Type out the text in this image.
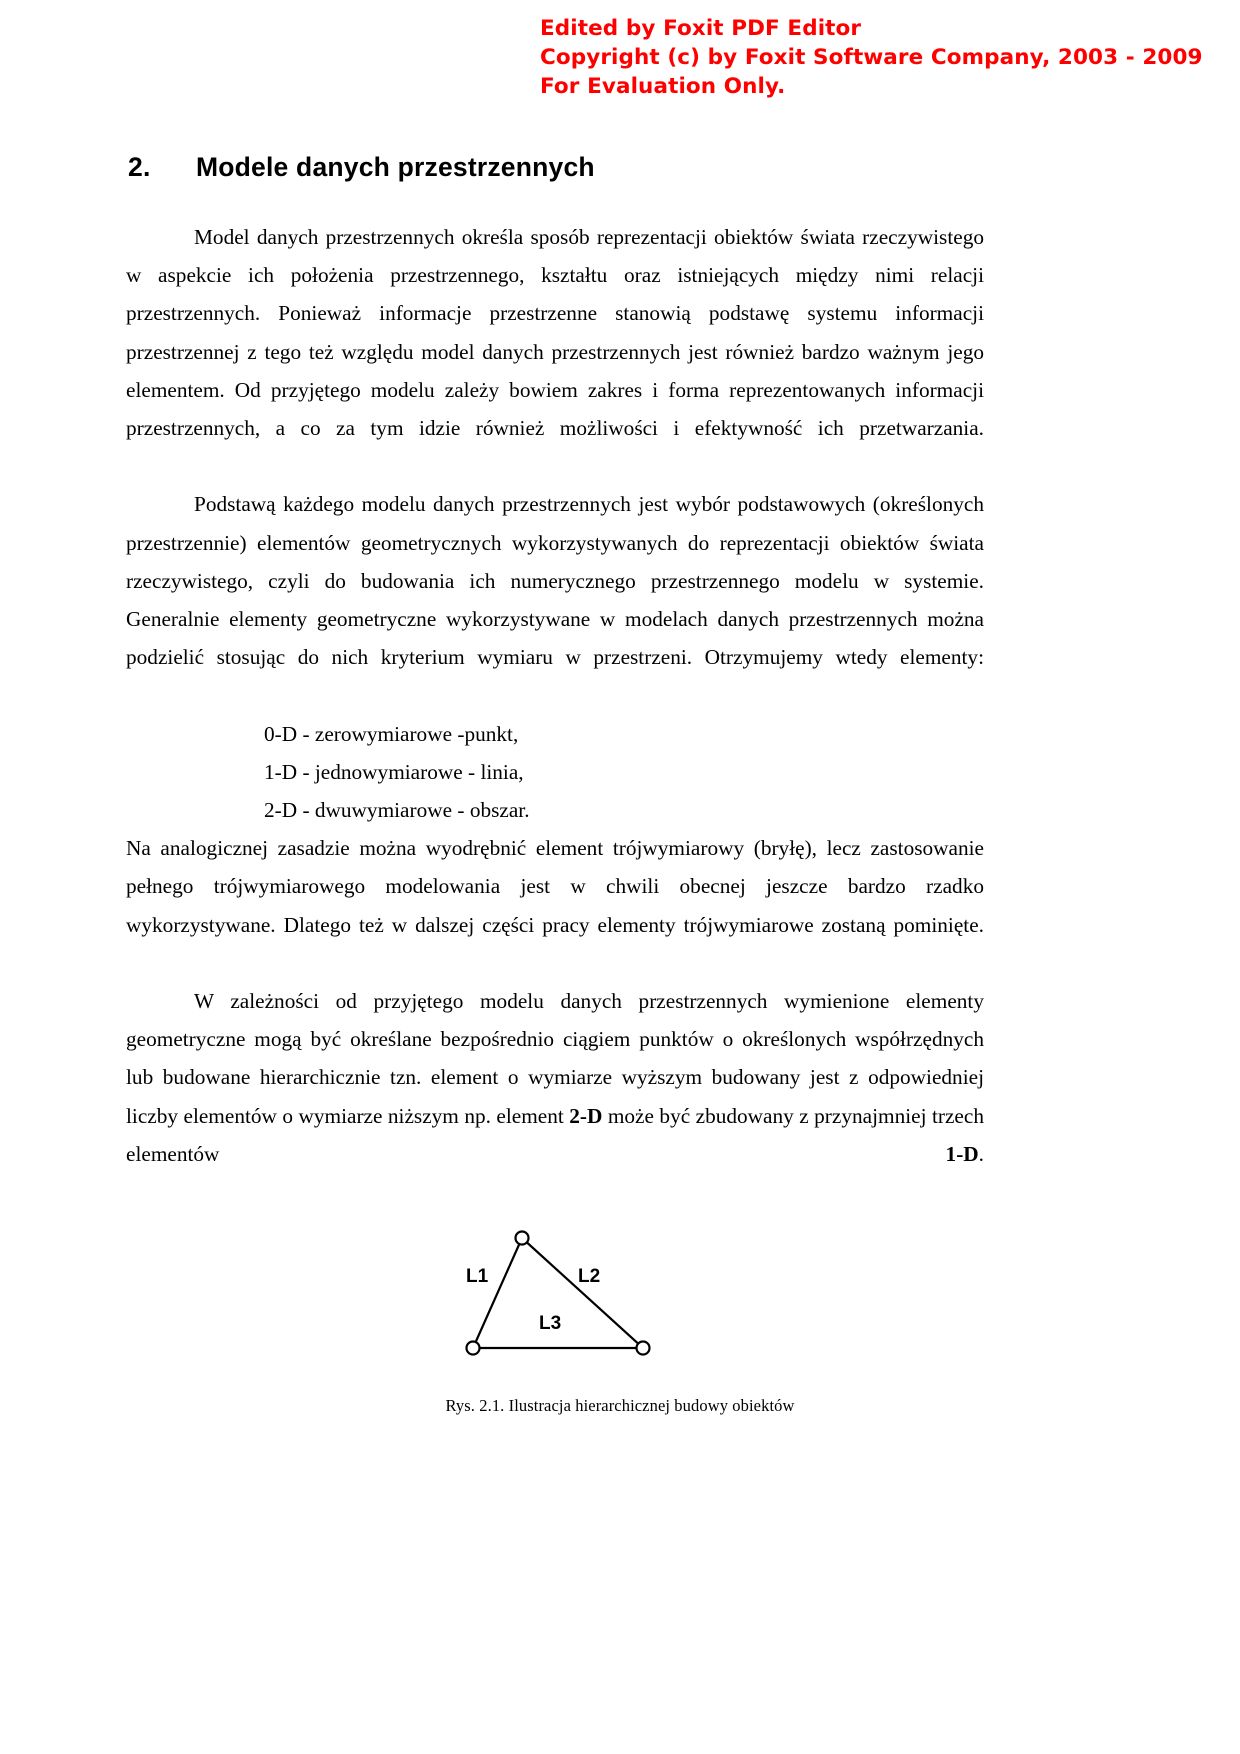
Edited by Foxit PDF Editor
Copyright (c) by Foxit Software Company, 2003 - 2009
For Evaluation Only.
2. Modele danych przestrzennych

Model danych przestrzennych określa sposób reprezentacji obiektów świata rzeczywistego w aspekcie ich położenia przestrzennego, kształtu oraz istniejących między nimi relacji przestrzennych. Ponieważ informacje przestrzenne stanowią podstawę systemu informacji przestrzennej z tego też względu model danych przestrzennych jest również bardzo ważnym jego elementem. Od przyjętego modelu zależy bowiem zakres i forma reprezentowanych informacji przestrzennych, a co za tym idzie również możliwości i efektywność ich przetwarzania.

Podstawą każdego modelu danych przestrzennych jest wybór podstawowych (określonych przestrzennie) elementów geometrycznych wykorzystywanych do reprezentacji obiektów świata rzeczywistego, czyli do budowania ich numerycznego przestrzennego modelu w systemie. Generalnie elementy geometryczne wykorzystywane w modelach danych przestrzennych można podzielić stosując do nich kryterium wymiaru w przestrzeni. Otrzymujemy wtedy elementy:

0-D - zerowymiarowe -punkt,
1-D - jednowymiarowe - linia,
2-D - dwuwymiarowe - obszar.

Na analogicznej zasadzie można wyodrębnić element trójwymiarowy (bryłę), lecz zastosowanie pełnego trójwymiarowego modelowania jest w chwili obecnej jeszcze bardzo rzadko wykorzystywane. Dlatego też w dalszej części pracy elementy trójwymiarowe zostaną pominięte.

W zależności od przyjętego modelu danych przestrzennych wymienione elementy geometryczne mogą być określane bezpośrednio ciągiem punktów o określonych współrzędnych lub budowane hierarchicznie tzn. element o wymiarze wyższym budowany jest z odpowiedniej liczby elementów o wymiarze niższym np. element 2-D może być zbudowany z przynajmniej trzech elementów 1-D.

L1	L2
L3
Rys. 2.1. Ilustracja hierarchicznej budowy obiektów
